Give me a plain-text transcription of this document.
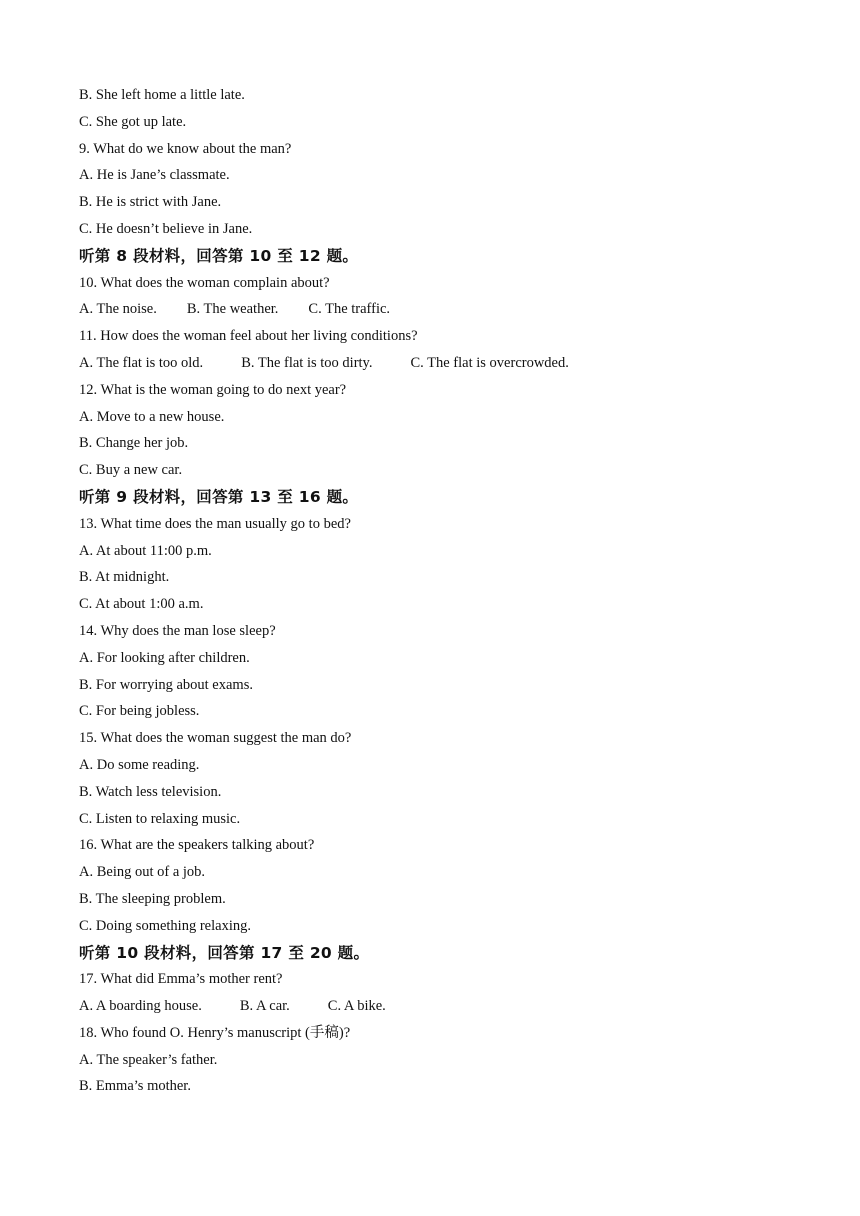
B. She left home a little late.
C. She got up late.
9. What do we know about the man?
A. He is Jane’s classmate.
B. He is strict with Jane.
C. He doesn’t believe in Jane.
听第 8 段材料，回答第 10 至 12 题。
10. What does the woman complain about?
A. The noise. B. The weather. C. The traffic.
11. How does the woman feel about her living conditions?
A. The flat is too old.	B. The flat is too dirty.	C. The flat is overcrowded.
12. What is the woman going to do next year?
A. Move to a new house.
B. Change her job.
C. Buy a new car.
听第 9 段材料，回答第 13 至 16 题。
13. What time does the man usually go to bed?
A. At about 11:00 p.m.
B. At midnight.
C. At about 1:00 a.m.
14. Why does the man lose sleep?
A. For looking after children.
B. For worrying about exams.
C. For being jobless.
15. What does the woman suggest the man do?
A. Do some reading.
B. Watch less television.
C. Listen to relaxing music.
16. What are the speakers talking about?
A. Being out of a job.
B. The sleeping problem.
C. Doing something relaxing.
听第 10 段材料，回答第 17 至 20 题。
17. What did Emma’s mother rent?
A. A boarding house.	B. A car.	C. A bike.
18. Who found O. Henry’s manuscript (手稿)?
A. The speaker’s father.
B. Emma’s mother.
